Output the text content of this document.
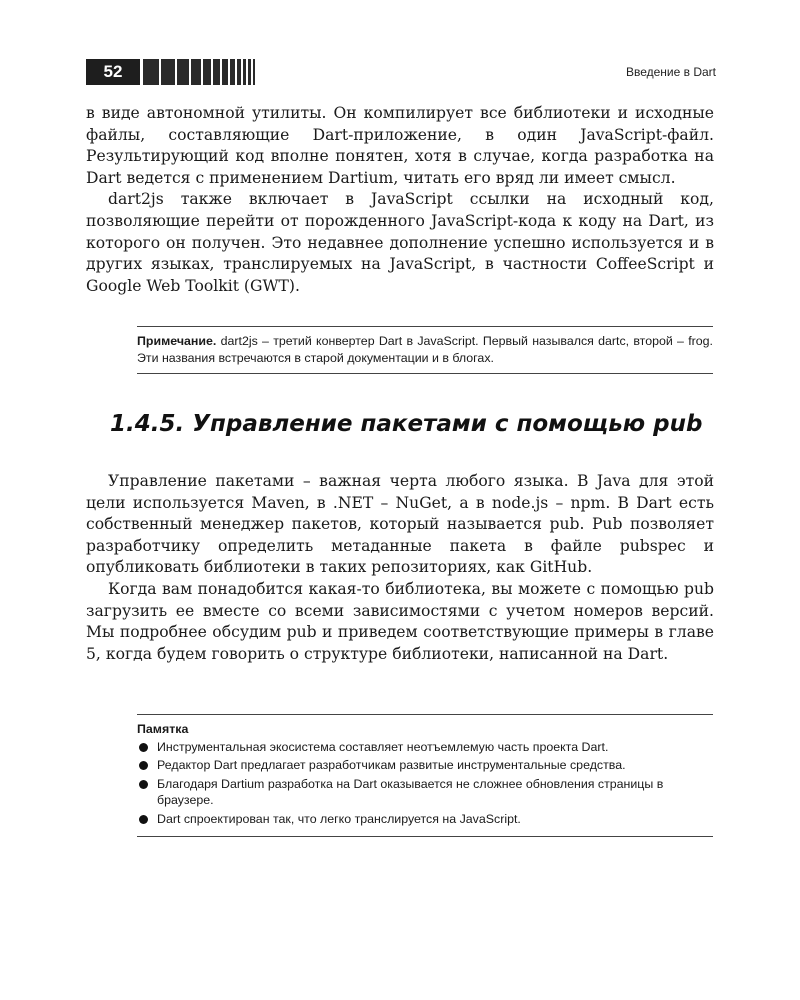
52	Введение в Dart

в виде автономной утилиты. Он компилирует все библиотеки и исходные файлы, составляющие Dart-приложение, в один JavaScript-файл. Результирующий код вполне понятен, хотя в случае, когда разработка на Dart ведется с применением Dartium, читать его вряд ли имеет смысл.

dart2js также включает в JavaScript ссылки на исходный код, позволяющие перейти от порожденного JavaScript-кода к коду на Dart, из которого он получен. Это недавнее дополнение успешно используется и в других языках, транслируемых на JavaScript, в частности CoffeeScript и Google Web Toolkit (GWT).

Примечание. dart2js – третий конвертер Dart в JavaScript. Первый назывался dartc, второй – frog. Эти названия встречаются в старой документации и в блогах.
1.4.5. Управление пакетами с помощью pub

Управление пакетами – важная черта любого языка. В Java для этой цели используется Maven, в .NET – NuGet, а в node.js – npm. В Dart есть собственный менеджер пакетов, который называется pub. Pub позволяет разработчику определить метаданные пакета в файле pubspec и опубликовать библиотеки в таких репозиториях, как GitHub.

Когда вам понадобится какая-то библиотека, вы можете с помощью pub загрузить ее вместе со всеми зависимостями с учетом номеров версий. Мы подробнее обсудим pub и приведем соответствующие примеры в главе 5, когда будем говорить о структуре библиотеки, написанной на Dart.

Памятка
Инструментальная экосистема составляет неотъемлемую часть проекта Dart.
Редактор Dart предлагает разработчикам развитые инструментальные средства.
Благодаря Dartium разработка на Dart оказывается не сложнее обновления страницы в браузере.
Dart спроектирован так, что легко транслируется на JavaScript.
